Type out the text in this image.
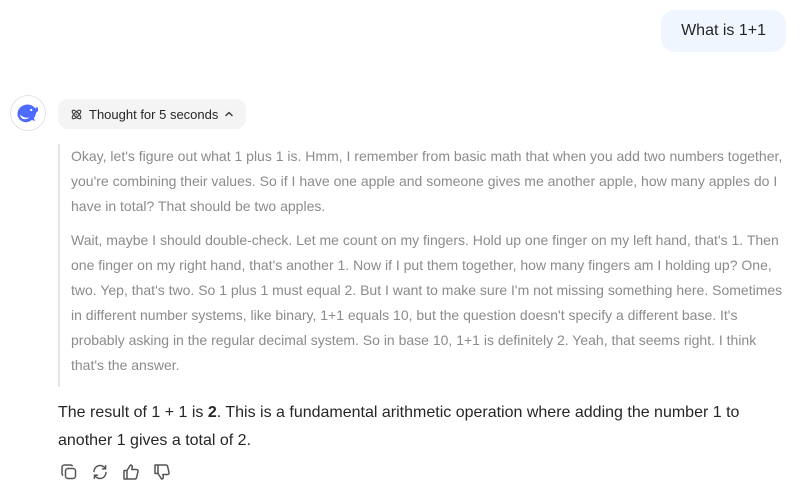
What is 1+1
Thought for 5 seconds

Okay, let's figure out what 1 plus 1 is. Hmm, I remember from basic math that when you add two numbers together, you're combining their values. So if I have one apple and someone gives me another apple, how many apples do I have in total? That should be two apples.

Wait, maybe I should double-check. Let me count on my fingers. Hold up one finger on my left hand, that's 1. Then one finger on my right hand, that's another 1. Now if I put them together, how many fingers am I holding up? One, two. Yep, that's two. So 1 plus 1 must equal 2. But I want to make sure I'm not missing something here. Sometimes in different number systems, like binary, 1+1 equals 10, but the question doesn't specify a different base. It's probably asking in the regular decimal system. So in base 10, 1+1 is definitely 2. Yeah, that seems right. I think that's the answer.

The result of 1 + 1 is 2. This is a fundamental arithmetic operation where adding the number 1 to another 1 gives a total of 2.
